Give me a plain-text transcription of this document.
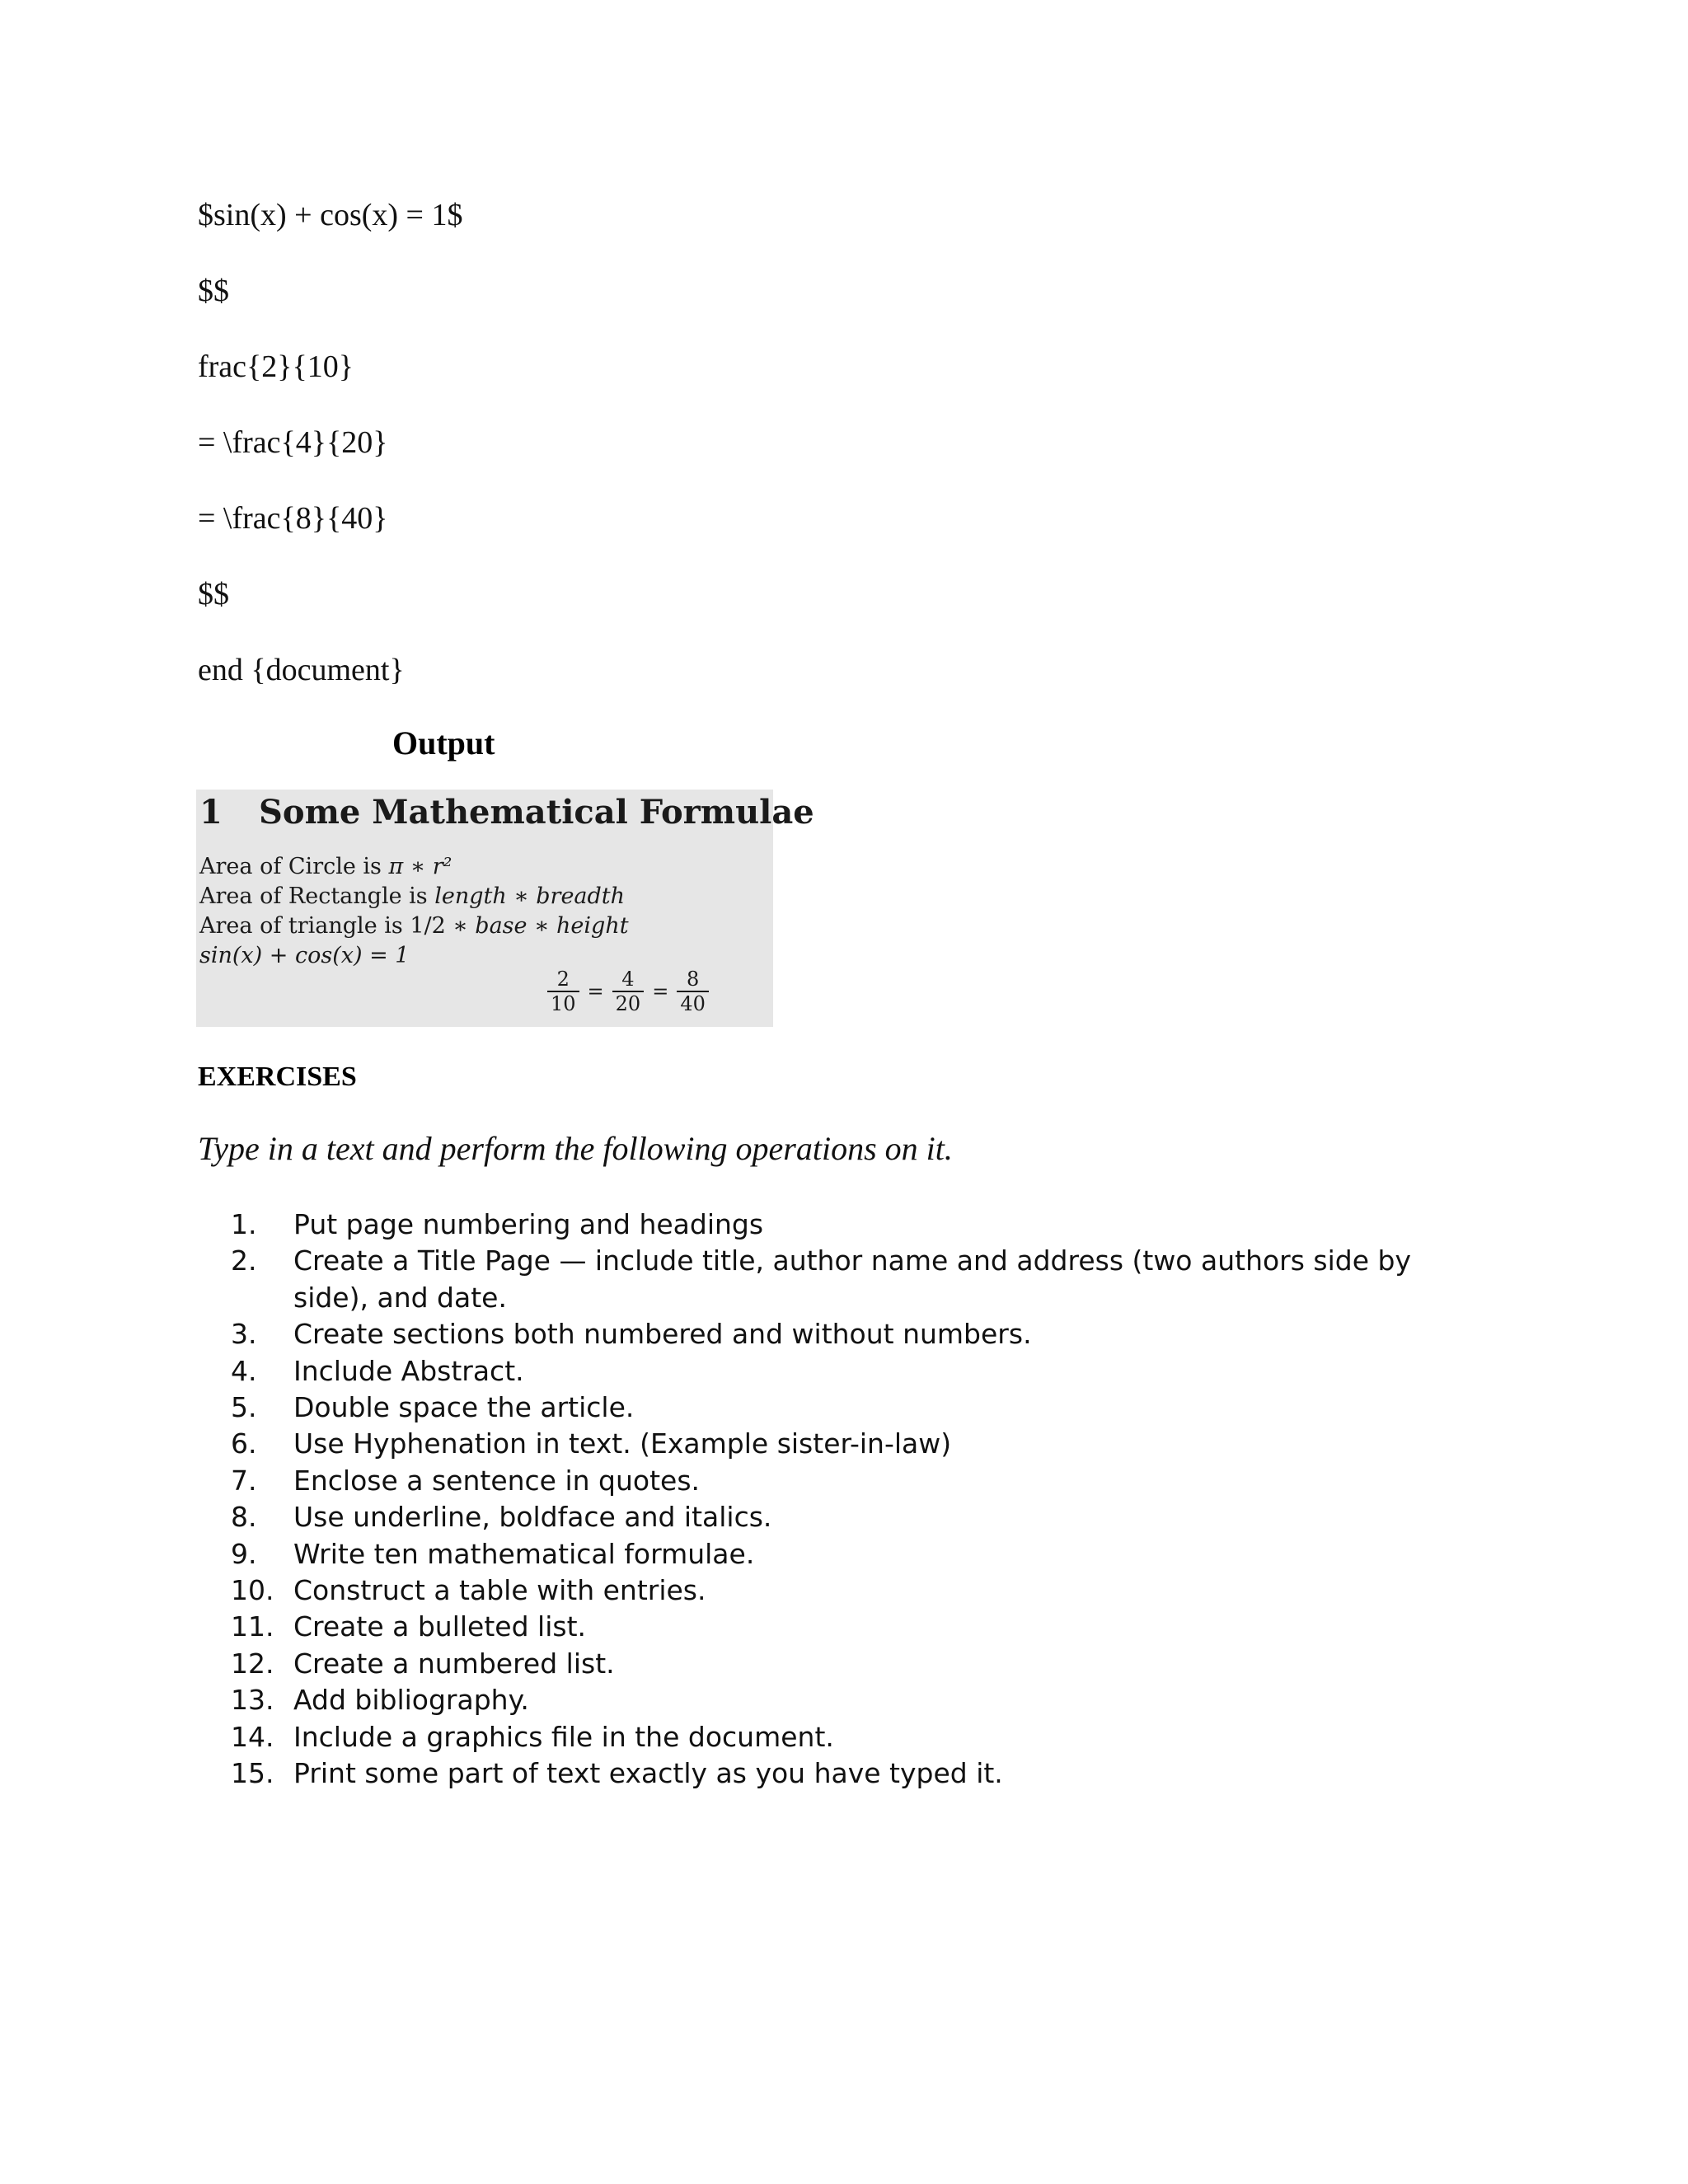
$sin(x) + cos(x) = 1$
$$
frac{2}{10}
= \frac{4}{20}
= \frac{8}{40}
$$
end {document}
Output
1 Some Mathematical Formulae
Area of Circle is π ∗ r²
Area of Rectangle is length ∗ breadth
Area of triangle is 1/2 ∗ base ∗ height
sin(x) + cos(x) = 1
$\frac{2}{10} = \frac{4}{20} = \frac{8}{40}$
EXERCISES
Type in a text and perform the following operations on it.
1.	Put page numbering and headings
2.	Create a Title Page — include title, author name and address (two authors side by side), and date.
3.	Create sections both numbered and without numbers.
4.	Include Abstract.
5.	Double space the article.
6.	Use Hyphenation in text. (Example sister-in-law)
7.	Enclose a sentence in quotes.
8.	Use underline, boldface and italics.
9.	Write ten mathematical formulae.
10. Construct a table with entries.
11. Create a bulleted list.
12. Create a numbered list.
13. Add bibliography.
14. Include a graphics file in the document.
15. Print some part of text exactly as you have typed it.
